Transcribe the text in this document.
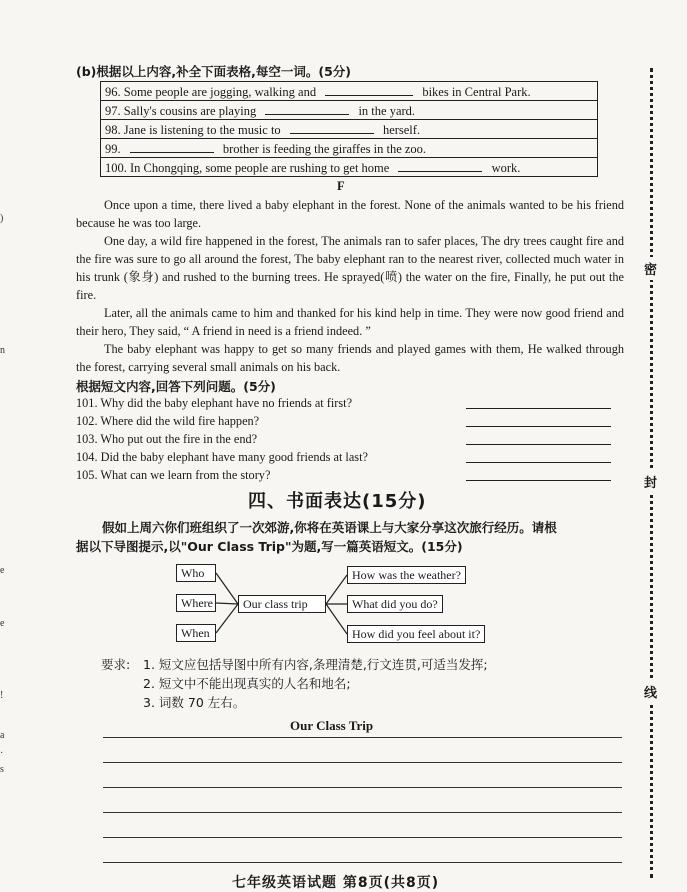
)
n
e
e
!
a
·
s
密
封
线
(b)根据以上内容,补全下面表格,每空一词。(5分)
96. Some people are jogging, walking and	bikes in Central Park.
97. Sally's cousins are playing	in the yard.
98. Jane is listening to the music to	herself.
99.	brother is feeding the giraffes in the zoo.
100. In Chongqing, some people are rushing to get home	work.
F
Once upon a time, there lived a baby elephant in the forest. None of the animals wanted to be his friend because he was too large.
One day, a wild fire happened in the forest, The animals ran to safer places, The dry trees caught fire and the fire was sure to go all around the forest, The baby elephant ran to the nearest river, collected much water in his trunk (象身) and rushed to the burning trees. He sprayed(喷) the water on the fire, Finally, he put out the fire.
Later, all the animals came to him and thanked for his kind help in time. They were now good friend and their hero, They said, “ A friend in need is a friend indeed. ”
The baby elephant was happy to get so many friends and played games with them, He walked through the forest, carrying several small animals on his back.
根据短文内容,回答下列问题。(5分)
101. Why did the baby elephant have no friends at first?
102. Where did the wild fire happen?
103. Who put out the fire in the end?
104. Did the baby elephant have many good friends at last?
105. What can we learn from the story?
四、书面表达(15分)
假如上周六你们班组织了一次郊游,你将在英语课上与大家分享这次旅行经历。请根
据以下导图提示,以"Our Class Trip"为题,写一篇英语短文。(15分)
Who
Where
When
Our class trip
How was the weather?
What did you do?
How did you feel about it?
要求: 1. 短文应包括导图中所有内容,条理清楚,行文连贯,可适当发挥;
2. 短文中不能出现真实的人名和地名;
3. 词数 70 左右。
Our Class Trip
七年级英语试题 第8页(共8页)
